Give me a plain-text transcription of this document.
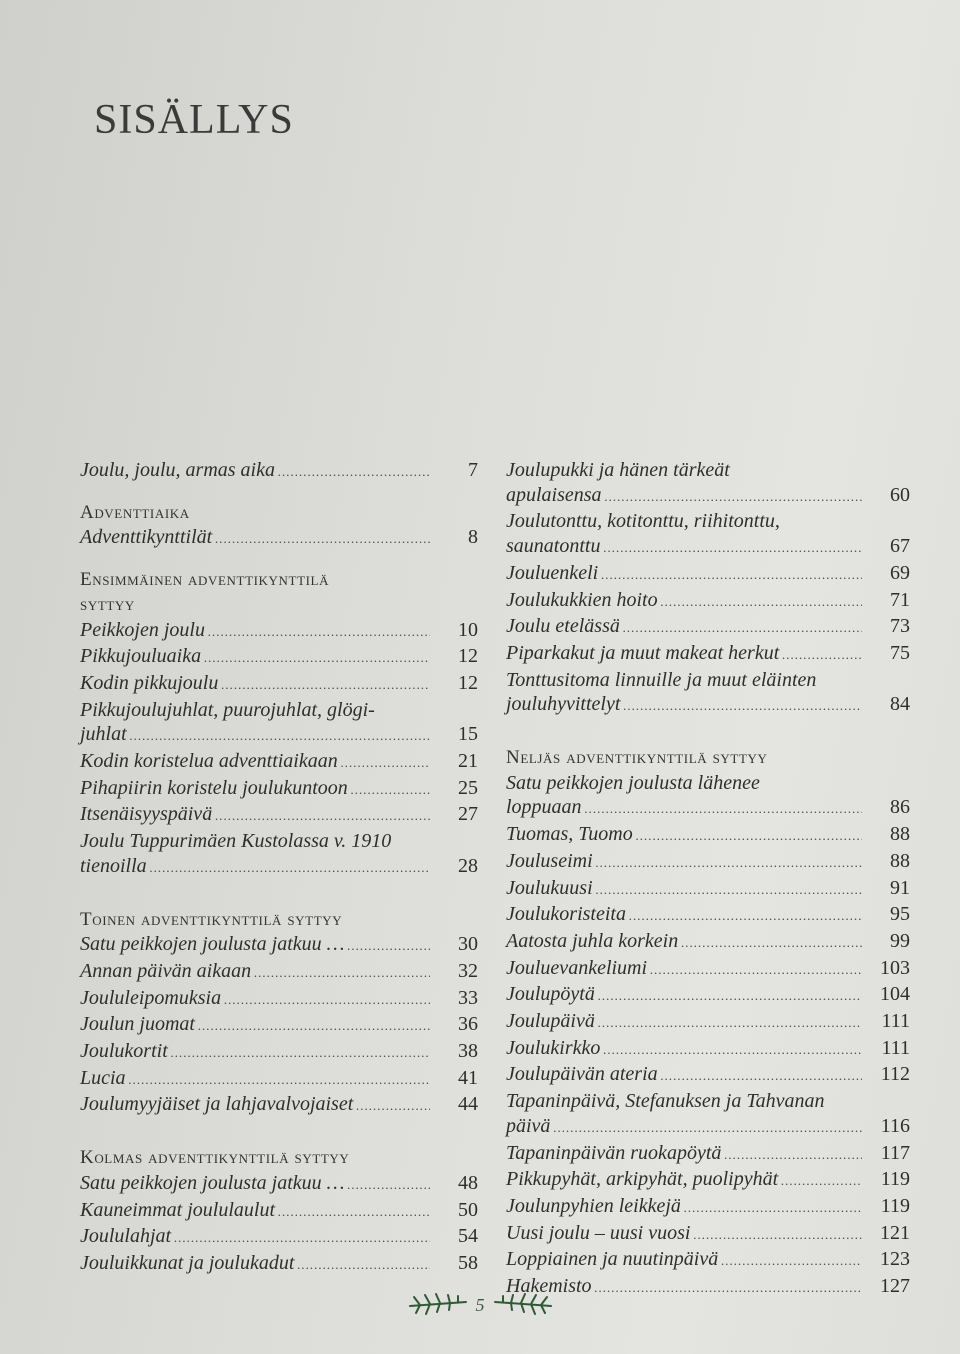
SISÄLLYS
Joulu, joulu, armas aika .....	7
Adventtiaika
Adventtikynttilät .....	8
Ensimmäinen adventtikynttilä
syttyy
Peikkojen joulu .....	10
Pikkujouluaika .....	12
Kodin pikkujoulu .....	12
Pikkujoulujuhlat, puurojuhlat, glögi-
juhlat .....	15
Kodin koristelua adventtiaikaan .....	21
Pihapiirin koristelu joulukuntoon .....	25
Itsenäisyyspäivä .....	27
Joulu Tuppurimäen Kustolassa v. 1910
tienoilla .....	28
Toinen adventtikynttilä syttyy
Satu peikkojen joulusta jatkuu … .....	30
Annan päivän aikaan .....	32
Joululeipomuksia .....	33
Joulun juomat .....	36
Joulukortit .....	38
Lucia .....	41
Joulumyyjäiset ja lahjavalvojaiset .....	44
Kolmas adventtikynttilä syttyy
Satu peikkojen joulusta jatkuu … .....	48
Kauneimmat joululaulut .....	50
Joululahjat .....	54
Jouluikkunat ja joulukadut .....	58
Joulupukki ja hänen tärkeät
apulaisensa .....	60
Joulutonttu, kotitonttu, riihitonttu,
saunatonttu .....	67
Jouluenkeli .....	69
Joulukukkien hoito .....	71
Joulu etelässä .....	73
Piparkakut ja muut makeat herkut .....	75
Tonttusitoma linnuille ja muut eläinten
jouluhyvittelyt .....	84
Neljäs adventtikynttilä syttyy
Satu peikkojen joulusta lähenee
loppuaan .....	86
Tuomas, Tuomo .....	88
Jouluseimi .....	88
Joulukuusi .....	91
Joulukoristeita .....	95
Aatosta juhla korkein .....	99
Jouluevankeliumi .....	103
Joulupöytä .....	104
Joulupäivä .....	111
Joulukirkko .....	111
Joulupäivän ateria .....	112
Tapaninpäivä, Stefanuksen ja Tahvanan
päivä .....	116
Tapaninpäivän ruokapöytä .....	117
Pikkupyhät, arkipyhät, puolipyhät .....	119
Joulunpyhien leikkejä .....	119
Uusi joulu – uusi vuosi .....	121
Loppiainen ja nuutinpäivä .....	123
Hakemisto .....	127
5
